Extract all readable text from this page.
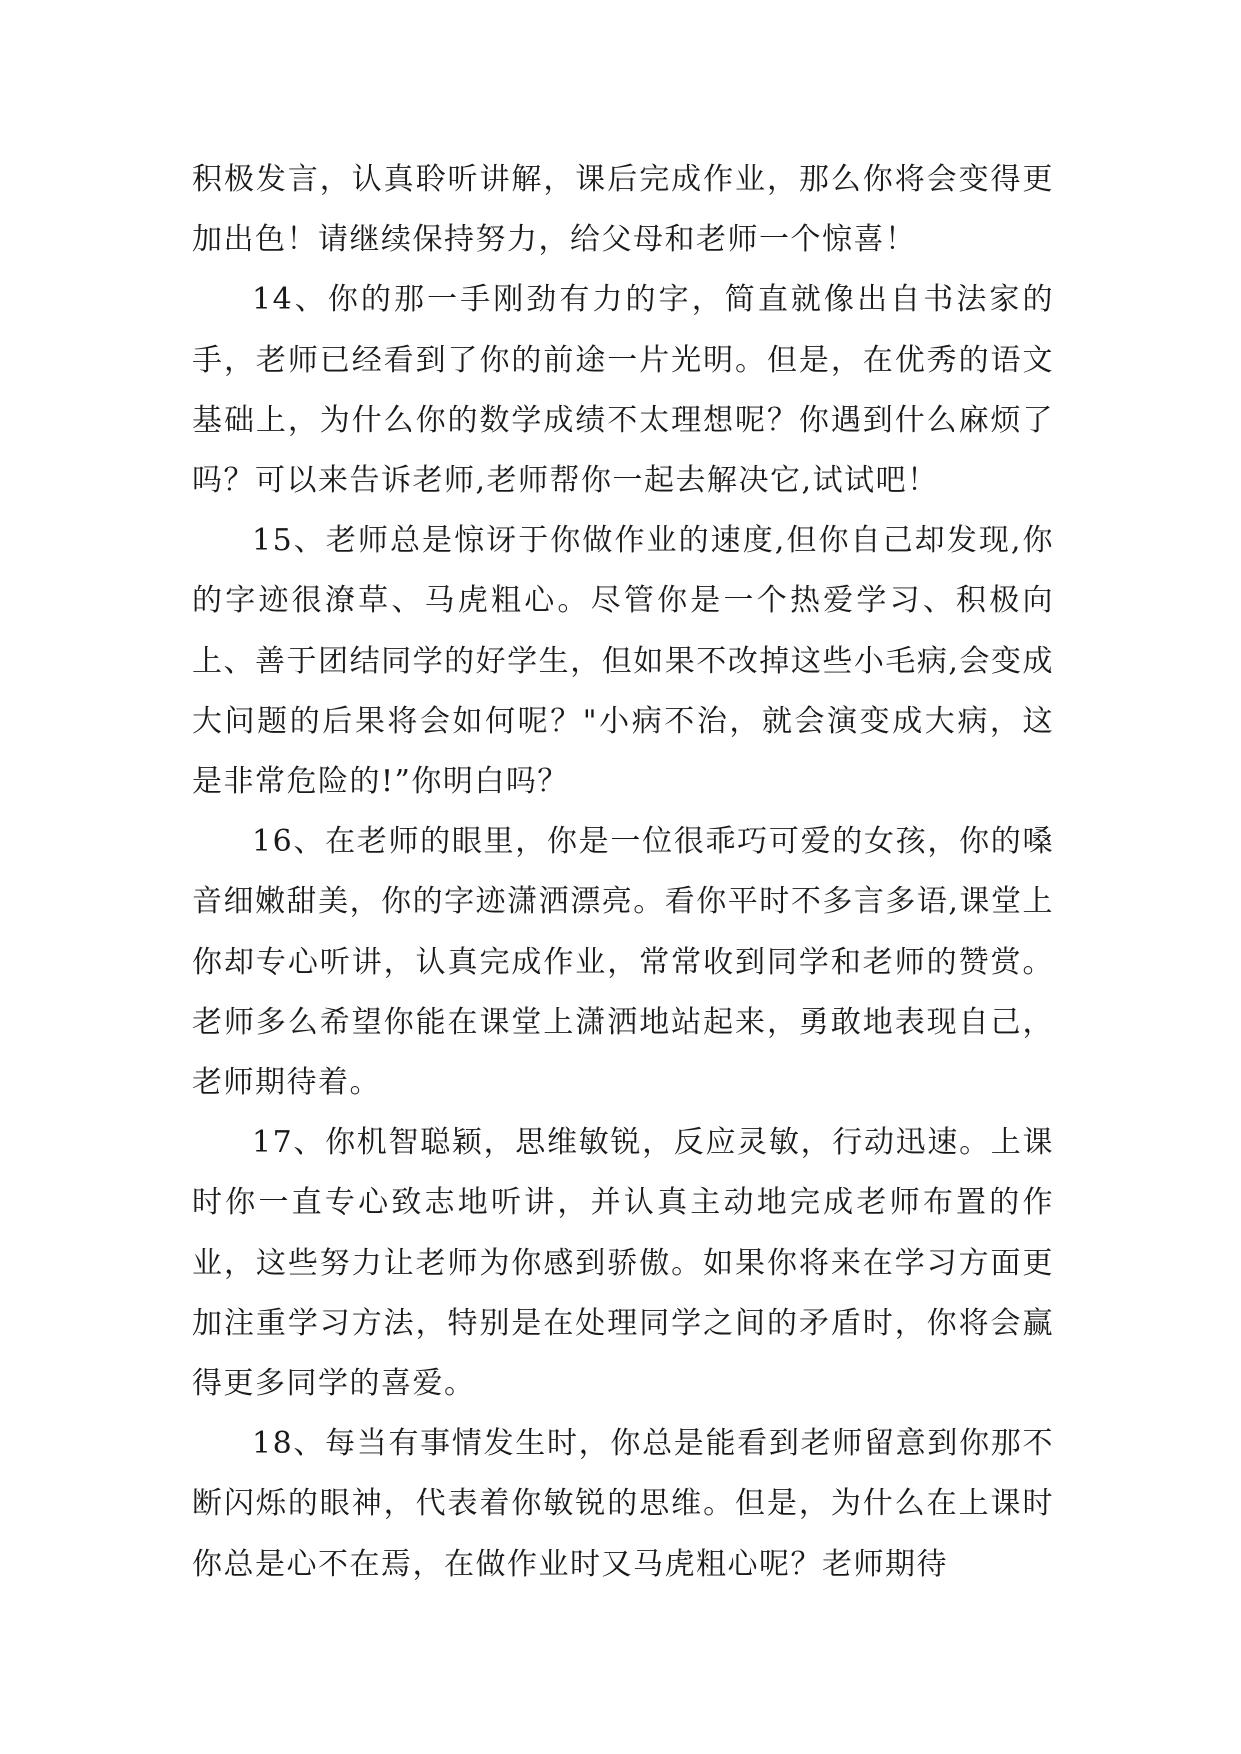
积极发言，认真聆听讲解，课后完成作业，那么你将会变得更加出色！请继续保持努力，给父母和老师一个惊喜！

14、你的那一手刚劲有力的字，简直就像出自书法家的手，老师已经看到了你的前途一片光明。但是，在优秀的语文基础上，为什么你的数学成绩不太理想呢？你遇到什么麻烦了吗？可以来告诉老师,老师帮你一起去解决它,试试吧！

15、老师总是惊讶于你做作业的速度,但你自己却发现,你的字迹很潦草、马虎粗心。尽管你是一个热爱学习、积极向上、善于团结同学的好学生，但如果不改掉这些小毛病,会变成大问题的后果将会如何呢？"小病不治，就会演变成大病，这是非常危险的!”你明白吗？

16、在老师的眼里，你是一位很乖巧可爱的女孩，你的嗓音细嫩甜美，你的字迹潇洒漂亮。看你平时不多言多语,课堂上你却专心听讲，认真完成作业，常常收到同学和老师的赞赏。老师多么希望你能在课堂上潇洒地站起来，勇敢地表现自己，老师期待着。

17、你机智聪颖，思维敏锐，反应灵敏，行动迅速。上课时你一直专心致志地听讲，并认真主动地完成老师布置的作业，这些努力让老师为你感到骄傲。如果你将来在学习方面更加注重学习方法，特别是在处理同学之间的矛盾时，你将会赢得更多同学的喜爱。

18、每当有事情发生时，你总是能看到老师留意到你那不断闪烁的眼神，代表着你敏锐的思维。但是，为什么在上课时你总是心不在焉，在做作业时又马虎粗心呢？老师期待
